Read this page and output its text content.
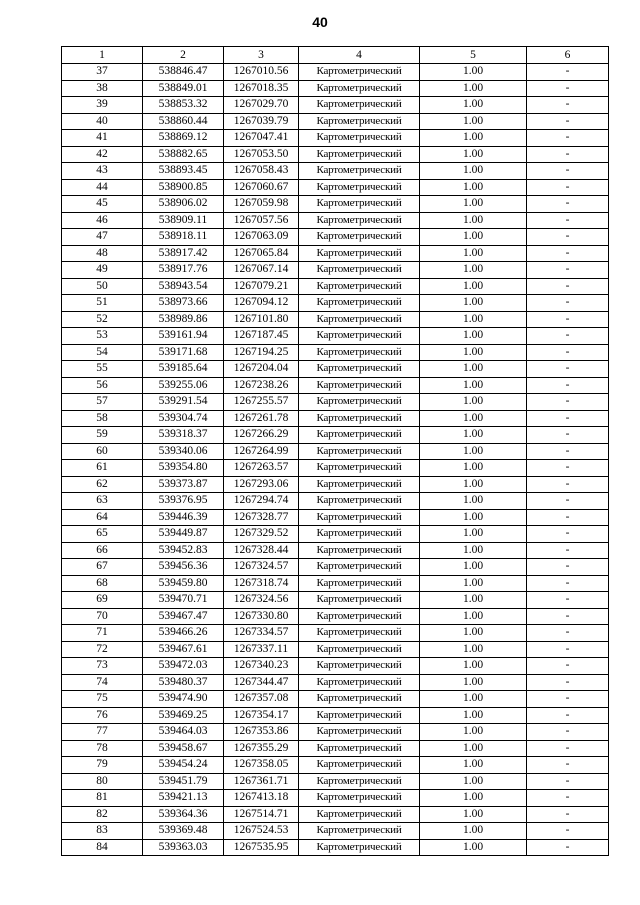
40
1	2	3	4	5	6
37	538846.47	1267010.56	Картометрический	1.00	-
38	538849.01	1267018.35	Картометрический	1.00	-
39	538853.32	1267029.70	Картометрический	1.00	-
40	538860.44	1267039.79	Картометрический	1.00	-
41	538869.12	1267047.41	Картометрический	1.00	-
42	538882.65	1267053.50	Картометрический	1.00	-
43	538893.45	1267058.43	Картометрический	1.00	-
44	538900.85	1267060.67	Картометрический	1.00	-
45	538906.02	1267059.98	Картометрический	1.00	-
46	538909.11	1267057.56	Картометрический	1.00	-
47	538918.11	1267063.09	Картометрический	1.00	-
48	538917.42	1267065.84	Картометрический	1.00	-
49	538917.76	1267067.14	Картометрический	1.00	-
50	538943.54	1267079.21	Картометрический	1.00	-
51	538973.66	1267094.12	Картометрический	1.00	-
52	538989.86	1267101.80	Картометрический	1.00	-
53	539161.94	1267187.45	Картометрический	1.00	-
54	539171.68	1267194.25	Картометрический	1.00	-
55	539185.64	1267204.04	Картометрический	1.00	-
56	539255.06	1267238.26	Картометрический	1.00	-
57	539291.54	1267255.57	Картометрический	1.00	-
58	539304.74	1267261.78	Картометрический	1.00	-
59	539318.37	1267266.29	Картометрический	1.00	-
60	539340.06	1267264.99	Картометрический	1.00	-
61	539354.80	1267263.57	Картометрический	1.00	-
62	539373.87	1267293.06	Картометрический	1.00	-
63	539376.95	1267294.74	Картометрический	1.00	-
64	539446.39	1267328.77	Картометрический	1.00	-
65	539449.87	1267329.52	Картометрический	1.00	-
66	539452.83	1267328.44	Картометрический	1.00	-
67	539456.36	1267324.57	Картометрический	1.00	-
68	539459.80	1267318.74	Картометрический	1.00	-
69	539470.71	1267324.56	Картометрический	1.00	-
70	539467.47	1267330.80	Картометрический	1.00	-
71	539466.26	1267334.57	Картометрический	1.00	-
72	539467.61	1267337.11	Картометрический	1.00	-
73	539472.03	1267340.23	Картометрический	1.00	-
74	539480.37	1267344.47	Картометрический	1.00	-
75	539474.90	1267357.08	Картометрический	1.00	-
76	539469.25	1267354.17	Картометрический	1.00	-
77	539464.03	1267353.86	Картометрический	1.00	-
78	539458.67	1267355.29	Картометрический	1.00	-
79	539454.24	1267358.05	Картометрический	1.00	-
80	539451.79	1267361.71	Картометрический	1.00	-
81	539421.13	1267413.18	Картометрический	1.00	-
82	539364.36	1267514.71	Картометрический	1.00	-
83	539369.48	1267524.53	Картометрический	1.00	-
84	539363.03	1267535.95	Картометрический	1.00	-
